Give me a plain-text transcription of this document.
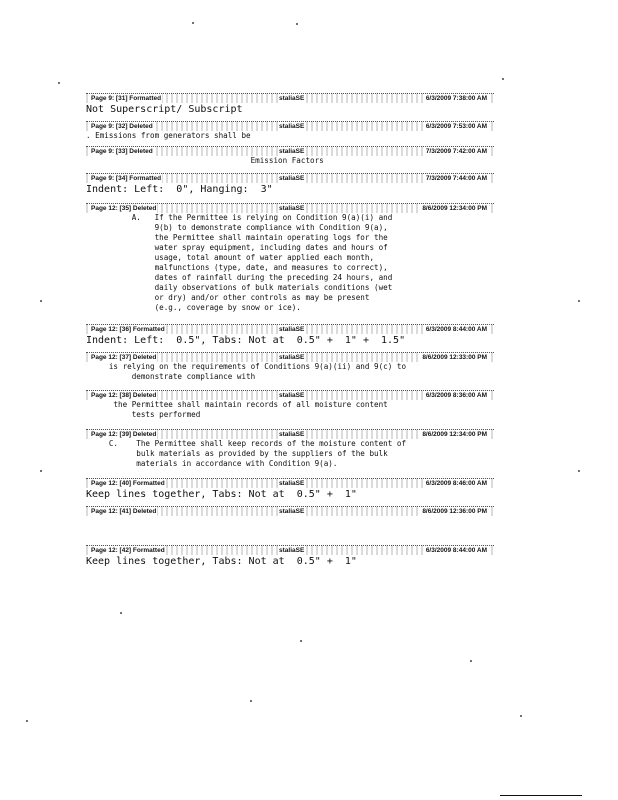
Page 9: [31] Formatted	staliaSE	6/3/2009 7:38:00 AM
Not Superscript/ Subscript
Page 9: [32] Deleted	staliaSE	6/3/2009 7:53:00 AM
. Emissions from generators shall be
Page 9: [33] Deleted	staliaSE	7/3/2009 7:42:00 AM
Emission Factors
Page 9: [34] Formatted	staliaSE	7/3/2009 7:44:00 AM
Indent: Left:  0", Hanging:  3"
Page 12: [35] Deleted	staliaSE	8/6/2009 12:34:00 PM
A.   If the Permittee is relying on Condition 9(a)(i) and
9(b) to demonstrate compliance with Condition 9(a),
the Permittee shall maintain operating logs for the
water spray equipment, including dates and hours of
usage, total amount of water applied each month,
malfunctions (type, date, and measures to correct),
dates of rainfall during the preceding 24 hours, and
daily observations of bulk materials conditions (wet
or dry) and/or other controls as may be present
(e.g., coverage by snow or ice).
Page 12: [36] Formatted	staliaSE	6/3/2009 8:44:00 AM
Indent: Left:  0.5", Tabs: Not at  0.5" +  1" +  1.5"
Page 12: [37] Deleted	staliaSE	8/6/2009 12:33:00 PM
is relying on the requirements of Conditions 9(a)(ii) and 9(c) to
demonstrate compliance with
Page 12: [38] Deleted	staliaSE	6/3/2009 8:36:00 AM
the Permittee shall maintain records of all moisture content
tests performed
Page 12: [39] Deleted	staliaSE	8/6/2009 12:34:00 PM
C.    The Permittee shall keep records of the moisture content of
bulk materials as provided by the suppliers of the bulk
materials in accordance with Condition 9(a).
Page 12: [40] Formatted	staliaSE	6/3/2009 8:46:00 AM
Keep lines together, Tabs: Not at  0.5" +  1"
Page 12: [41] Deleted	staliaSE	8/6/2009 12:36:00 PM
Page 12: [42] Formatted	staliaSE	6/3/2009 8:44:00 AM
Keep lines together, Tabs: Not at  0.5" +  1"
